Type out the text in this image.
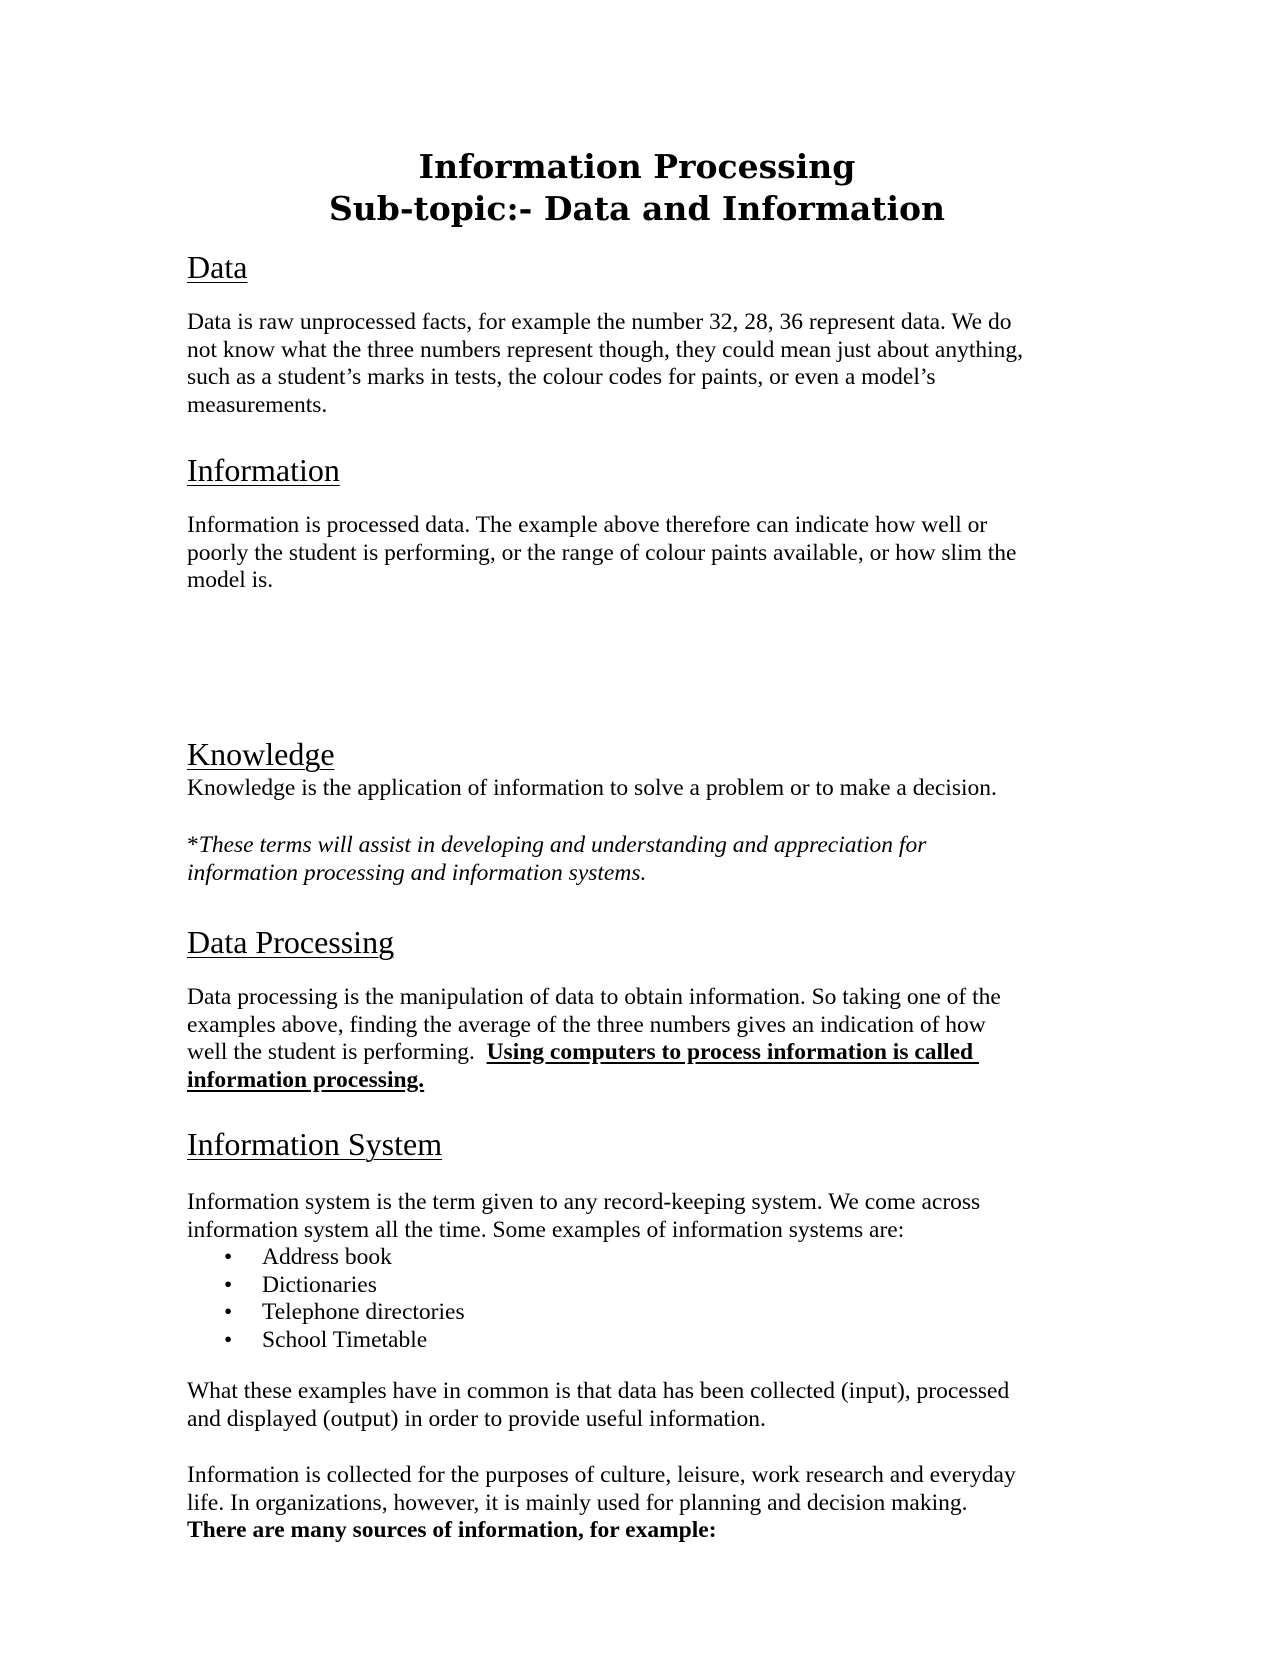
Information Processing
Sub-topic:- Data and Information
Data
Data is raw unprocessed facts, for example the number 32, 28, 36 represent data. We do
not know what the three numbers represent though, they could mean just about anything,
such as a student’s marks in tests, the colour codes for paints, or even a model’s
measurements.
Information
Information is processed data. The example above therefore can indicate how well or
poorly the student is performing, or the range of colour paints available, or how slim the
model is.
Knowledge
Knowledge is the application of information to solve a problem or to make a decision.
*These terms will assist in developing and understanding and appreciation for
information processing and information systems.
Data Processing
Data processing is the manipulation of data to obtain information. So taking one of the
examples above, finding the average of the three numbers gives an indication of how
well the student is performing.  Using computers to process information is called
information processing.
Information System
Information system is the term given to any record-keeping system. We come across
information system all the time. Some examples of information systems are:
• Address book
• Dictionaries
• Telephone directories
• School Timetable
What these examples have in common is that data has been collected (input), processed
and displayed (output) in order to provide useful information.
Information is collected for the purposes of culture, leisure, work research and everyday
life. In organizations, however, it is mainly used for planning and decision making.
There are many sources of information, for example:
